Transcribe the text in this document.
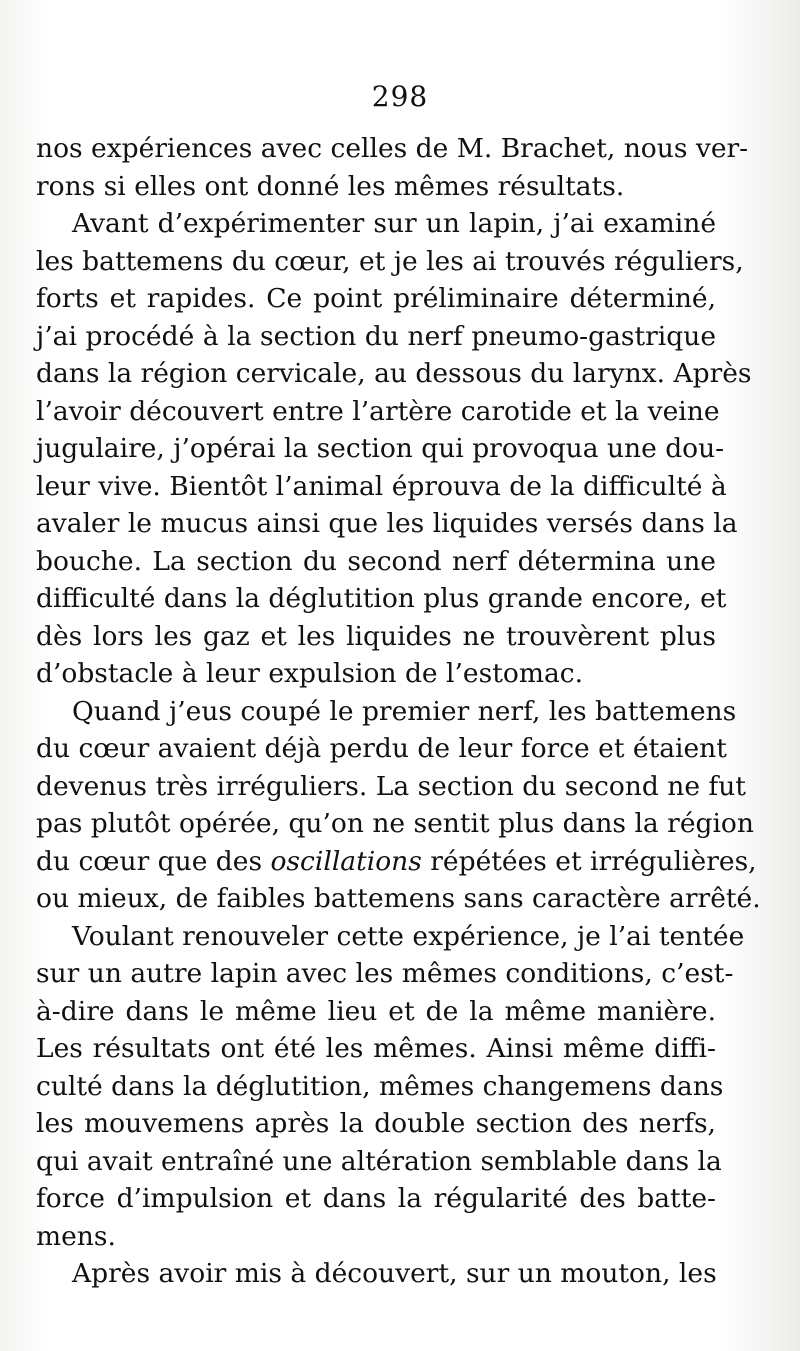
298

nos expériences avec celles de M. Brachet, nous ver-
rons si elles ont donné les mêmes résultats.

Avant d’expérimenter sur un lapin, j’ai examiné
les battemens du cœur, et je les ai trouvés réguliers,
forts et rapides. Ce point préliminaire déterminé,
j’ai procédé à la section du nerf pneumo-gastrique
dans la région cervicale, au dessous du larynx. Après
l’avoir découvert entre l’artère carotide et la veine
jugulaire, j’opérai la section qui provoqua une dou-
leur vive. Bientôt l’animal éprouva de la difficulté à
avaler le mucus ainsi que les liquides versés dans la
bouche. La section du second nerf détermina une
difficulté dans la déglutition plus grande encore, et
dès lors les gaz et les liquides ne trouvèrent plus
d’obstacle à leur expulsion de l’estomac.

Quand j’eus coupé le premier nerf, les battemens
du cœur avaient déjà perdu de leur force et étaient
devenus très irréguliers. La section du second ne fut
pas plutôt opérée, qu’on ne sentit plus dans la région
du cœur que des oscillations répétées et irrégulières,
ou mieux, de faibles battemens sans caractère arrêté.

Voulant renouveler cette expérience, je l’ai tentée
sur un autre lapin avec les mêmes conditions, c’est-
à-dire dans le même lieu et de la même manière.
Les résultats ont été les mêmes. Ainsi même diffi-
culté dans la déglutition, mêmes changemens dans
les mouvemens après la double section des nerfs,
qui avait entraîné une altération semblable dans la
force d’impulsion et dans la régularité des batte-
mens.

Après avoir mis à découvert, sur un mouton, les
